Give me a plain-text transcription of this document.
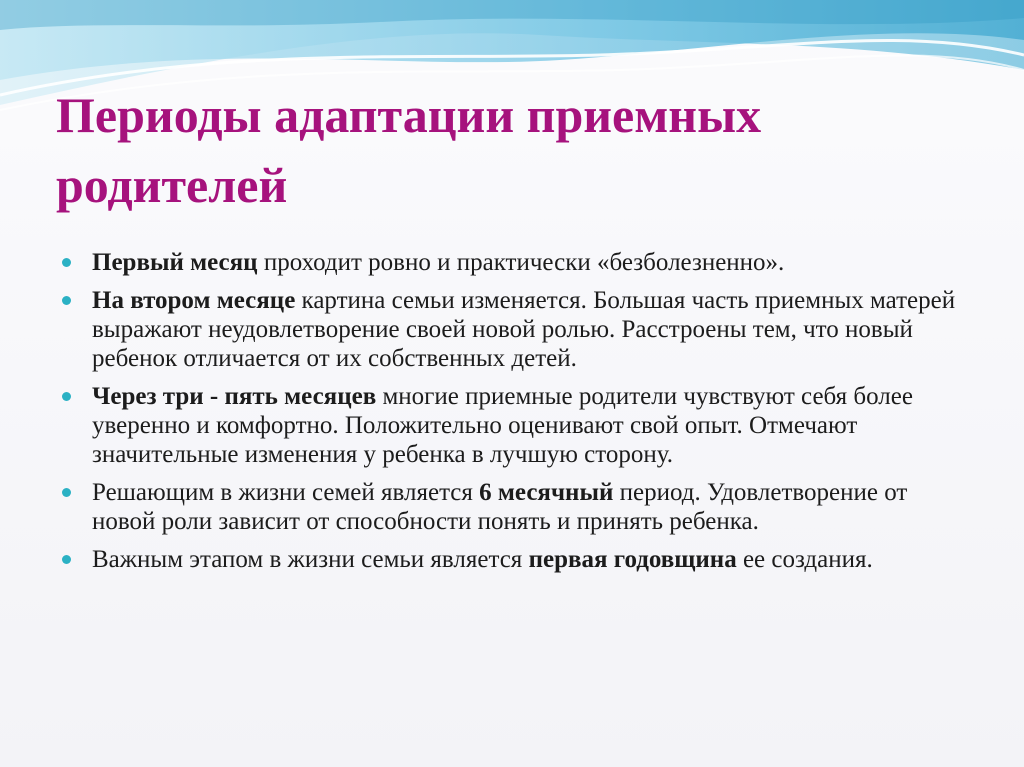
Периоды адаптации приемных родителей
Первый месяц проходит ровно и практически «безболезненно».
На втором месяце картина семьи изменяется. Большая часть приемных матерей выражают неудовлетворение своей новой ролью. Расстроены тем, что новый ребенок отличается от их собственных детей.
Через три - пять месяцев многие приемные родители чувствуют себя более уверенно и комфортно. Положительно оценивают свой опыт. Отмечают значительные изменения у ребенка в лучшую сторону.
Решающим в жизни семей является 6 месячный период. Удовлетворение от новой роли зависит от способности понять и принять ребенка.
Важным этапом в жизни семьи является первая годовщина ее создания.
